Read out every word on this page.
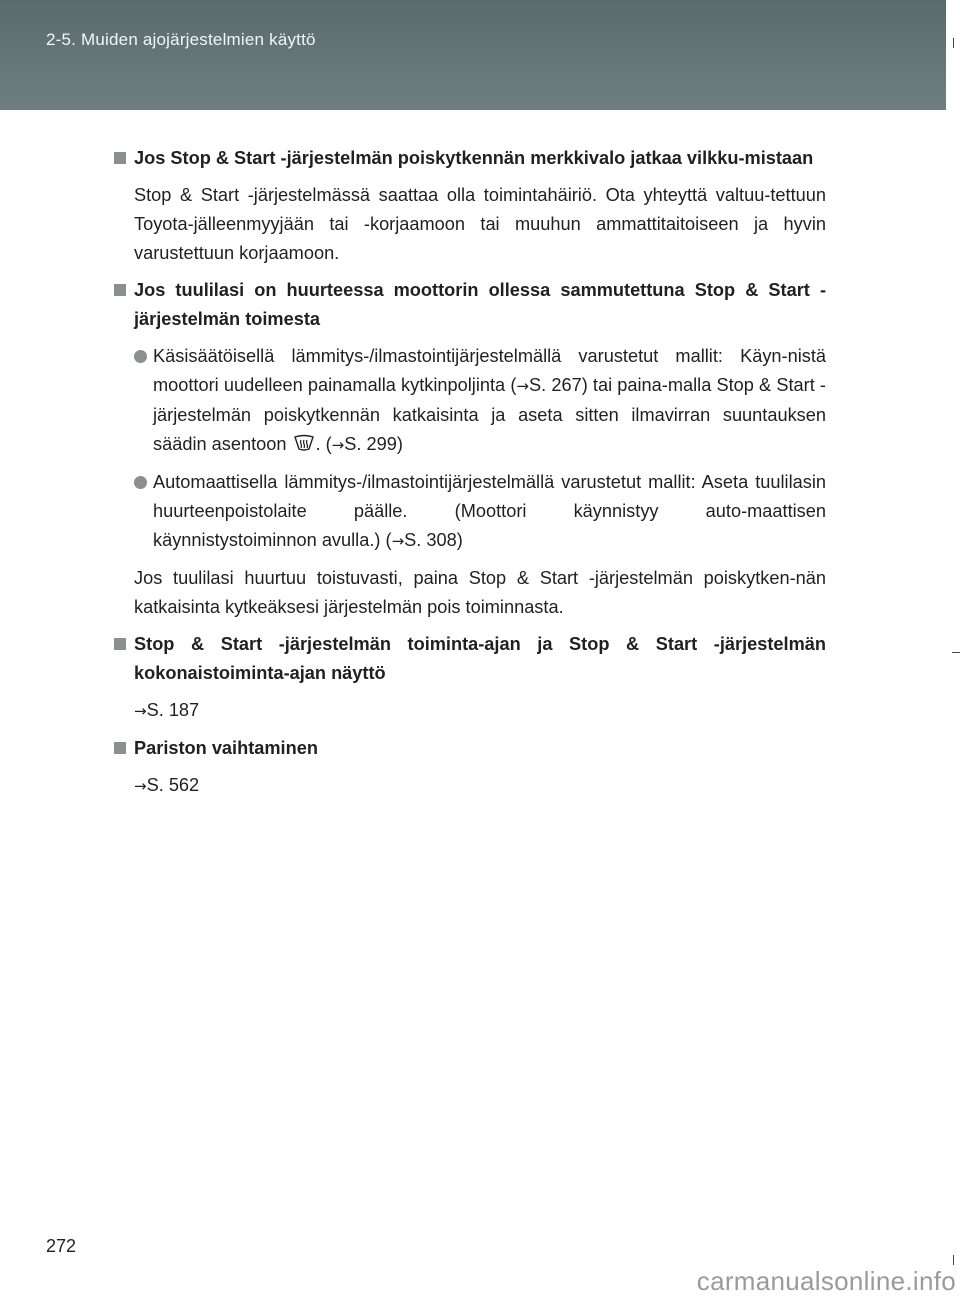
2-5. Muiden ajojärjestelmien käyttö
Jos Stop & Start -järjestelmän poiskytkennän merkkivalo jatkaa vilkku-mistaan
Stop & Start -järjestelmässä saattaa olla toimintahäiriö. Ota yhteyttä valtuu-tettuun Toyota-jälleenmyyjään tai -korjaamoon tai muuhun ammattitaitoiseen ja hyvin varustettuun korjaamoon.
Jos tuulilasi on huurteessa moottorin ollessa sammutettuna Stop & Start -järjestelmän toimesta
Käsisäätöisellä lämmitys-/ilmastointijärjestelmällä varustetut mallit: Käyn-nistä moottori uudelleen painamalla kytkinpoljinta (→S. 267) tai paina-malla Stop & Start -järjestelmän poiskytkennän katkaisinta ja aseta sitten ilmavirran suuntauksen säädin asentoon . (→S. 299)
Automaattisella lämmitys-/ilmastointijärjestelmällä varustetut mallit: Aseta tuulilasin huurteenpoistolaite päälle. (Moottori käynnistyy auto-maattisen käynnistystoiminnon avulla.) (→S. 308)
Jos tuulilasi huurtuu toistuvasti, paina Stop & Start -järjestelmän poiskytken-nän katkaisinta kytkeäksesi järjestelmän pois toiminnasta.
Stop & Start -järjestelmän toiminta-ajan ja Stop & Start -järjestelmän kokonaistoiminta-ajan näyttö
→S. 187
Pariston vaihtaminen
→S. 562
272
carmanualsonline.info
